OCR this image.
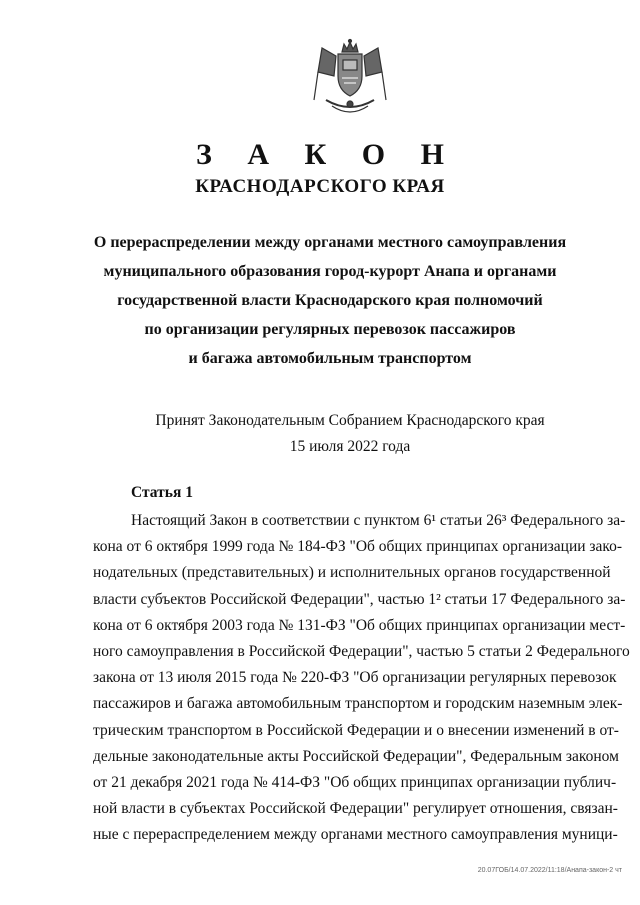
З А К О Н
КРАСНОДАРСКОГО КРАЯ
О перераспределении между органами местного самоуправления
муниципального образования город-курорт Анапа и органами
государственной власти Краснодарского края полномочий
по организации регулярных перевозок пассажиров
и багажа автомобильным транспортом
Принят Законодательным Собранием Краснодарского края
15 июля 2022 года
Статья 1
Настоящий Закон в соответствии с пунктом 6¹ статьи 26³ Федерального за-
кона от 6 октября 1999 года № 184-ФЗ "Об общих принципах организации зако-
нодательных (представительных) и исполнительных органов государственной
власти субъектов Российской Федерации", частью 1² статьи 17 Федерального за-
кона от 6 октября 2003 года № 131-ФЗ "Об общих принципах организации мест-
ного самоуправления в Российской Федерации", частью 5 статьи 2 Федерального
закона от 13 июля 2015 года № 220-ФЗ "Об организации регулярных перевозок
пассажиров и багажа автомобильным транспортом и городским наземным элек-
трическим транспортом в Российской Федерации и о внесении изменений в от-
дельные законодательные акты Российской Федерации", Федеральным законом
от 21 декабря 2021 года № 414-ФЗ "Об общих принципах организации публич-
ной власти в субъектах Российской Федерации" регулирует отношения, связан-
ные с перераспределением между органами местного самоуправления муници-
20.07ГОБ/14.07.2022/11:18/Анапа-закон-2 чт
